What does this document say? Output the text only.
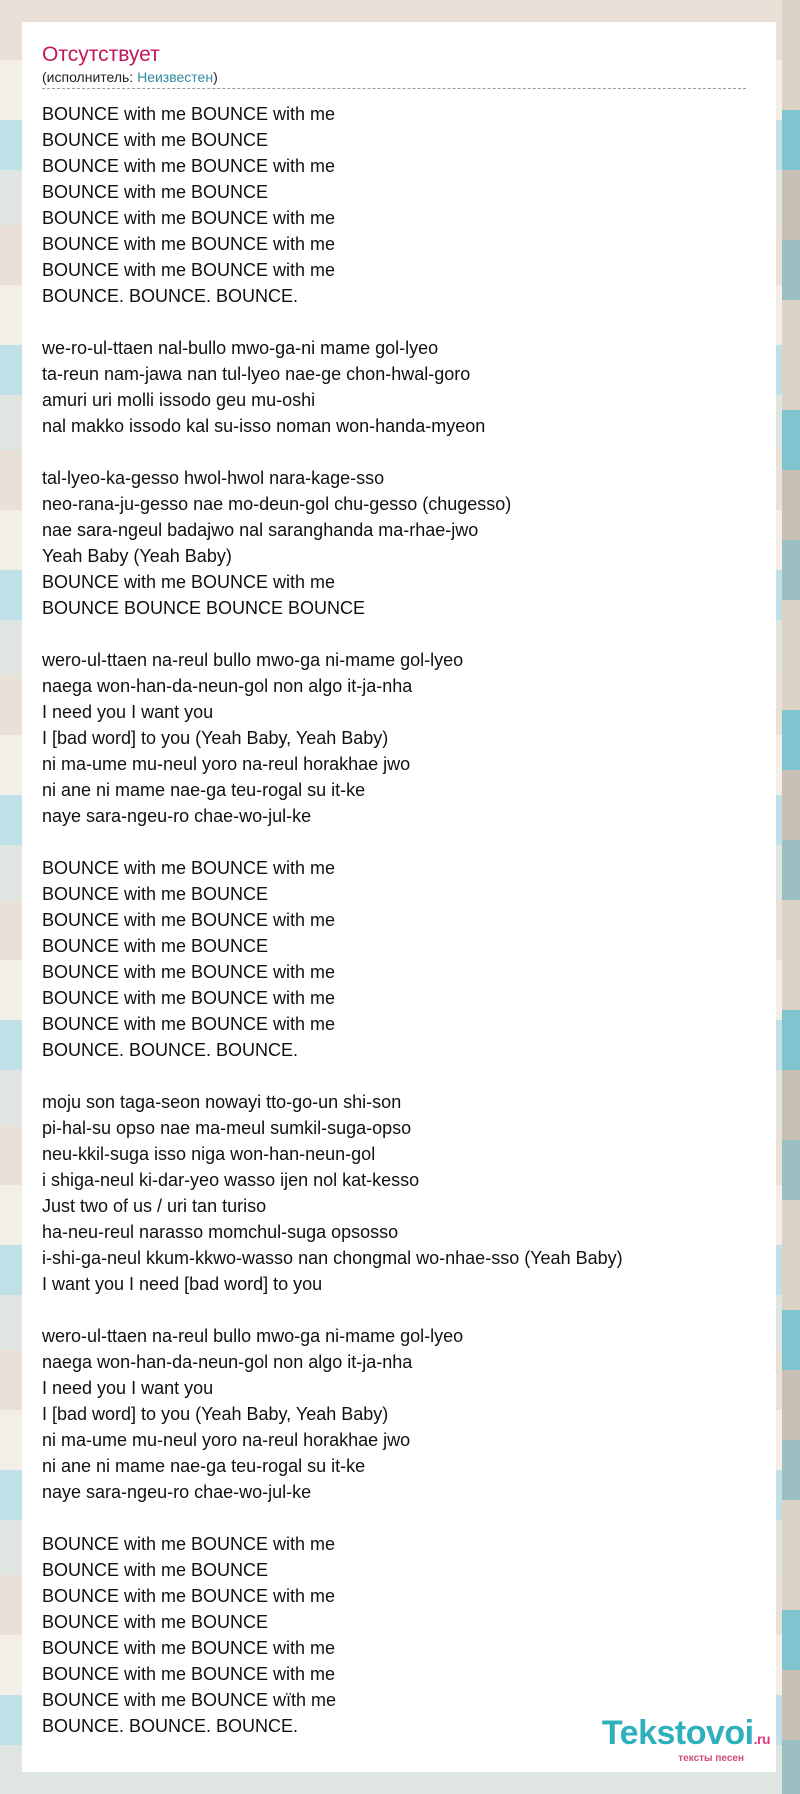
Отсутствует
(исполнитель: Неизвестен)
BOUNCE with me BOUNCE with me
BOUNCE with me BOUNCE
BOUNCE with me BOUNCE with me
BOUNCE with me BOUNCE
BOUNCE with me BOUNCE with me
BOUNCE with me BOUNCE with me
BOUNCE with me BOUNCE with me
BOUNCE. BOUNCE. BOUNCE.
we-ro-ul-ttaen nal-bullo mwo-ga-ni mame gol-lyeo
ta-reun nam-jawa nan tul-lyeo nae-ge chon-hwal-goro
amuri uri molli issodo geu mu-oshi
nal makko issodo kal su-isso noman won-handa-myeon
tal-lyeo-ka-gesso hwol-hwol nara-kage-sso
neo-rana-ju-gesso nae mo-deun-gol chu-gesso (chugesso)
nae sara-ngeul badajwo nal saranghanda ma-rhae-jwo
Yeah Baby (Yeah Baby)
BOUNCE with me BOUNCE with me
BOUNCE BOUNCE BOUNCE BOUNCE
wero-ul-ttaen na-reul bullo mwo-ga ni-mame gol-lyeo
naega won-han-da-neun-gol non algo it-ja-nha
I need you I want you
I [bad word] to you (Yeah Baby, Yeah Baby)
ni ma-ume mu-neul yoro na-reul horakhae jwo
ni ane ni mame nae-ga teu-rogal su it-ke
naye sara-ngeu-ro chae-wo-jul-ke
BOUNCE with me BOUNCE with me
BOUNCE with me BOUNCE
BOUNCE with me BOUNCE with me
BOUNCE with me BOUNCE
BOUNCE with me BOUNCE with me
BOUNCE with me BOUNCE with me
BOUNCE with me BOUNCE with me
BOUNCE. BOUNCE. BOUNCE.
moju son taga-seon nowayi tto-go-un shi-son
pi-hal-su opso nae ma-meul sumkil-suga-opso
neu-kkil-suga isso niga won-han-neun-gol
i shiga-neul ki-dar-yeo wasso ijen nol kat-kesso
Just two of us / uri tan turiso
ha-neu-reul narasso momchul-suga opsosso
i-shi-ga-neul kkum-kkwo-wasso nan chongmal wo-nhae-sso (Yeah Baby)
I want you I need [bad word] to you
wero-ul-ttaen na-reul bullo mwo-ga ni-mame gol-lyeo
naega won-han-da-neun-gol non algo it-ja-nha
I need you I want you
I [bad word] to you (Yeah Baby, Yeah Baby)
ni ma-ume mu-neul yoro na-reul horakhae jwo
ni ane ni mame nae-ga teu-rogal su it-ke
naye sara-ngeu-ro chae-wo-jul-ke
BOUNCE with me BOUNCE with me
BOUNCE with me BOUNCE
BOUNCE with me BOUNCE with me
BOUNCE with me BOUNCE
BOUNCE with me BOUNCE with me
BOUNCE with me BOUNCE with me
BOUNCE with me BOUNCE wïth me
BOUNCE. BOUNCE. BOUNCE.	Tekstovoi.ru
тексты песен
